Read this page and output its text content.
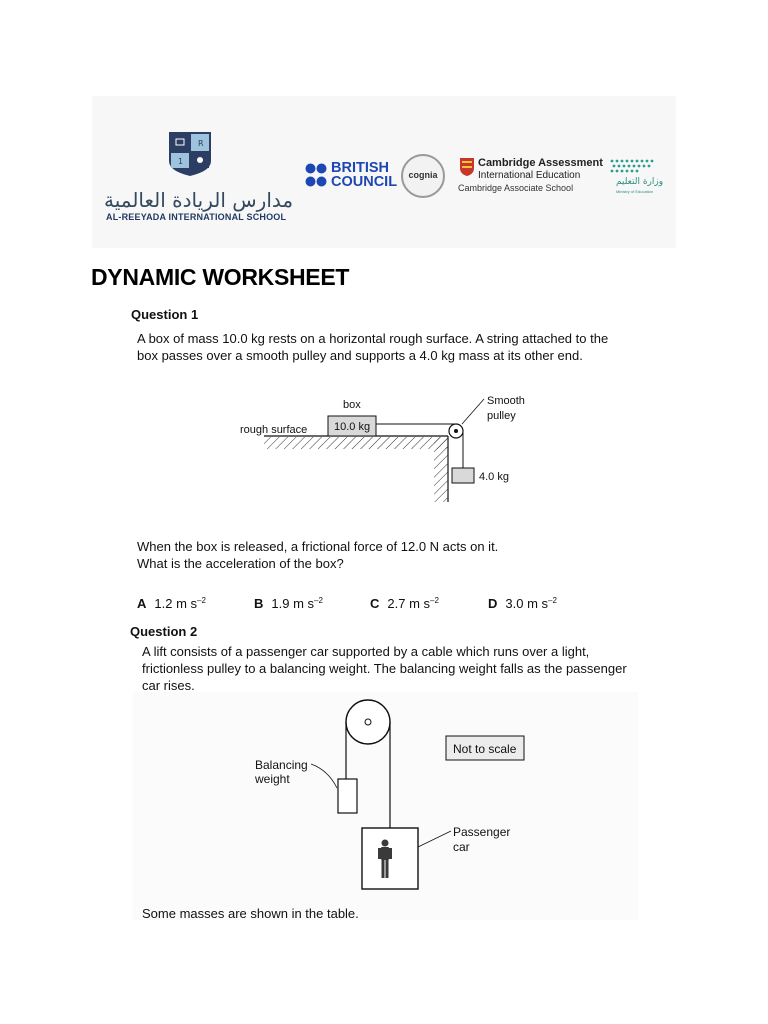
R
1
مدارس الريادة العالمية
AL-REEYADA INTERNATIONAL SCHOOL
BRITISH
COUNCIL	cognia
Cambridge Assessment
International Education
Cambridge Associate School
وزارة التعليم
Ministry of Education
DYNAMIC WORKSHEET
Question 1
A box of mass 10.0 kg rests on a horizontal rough surface. A string attached to the
box passes over a smooth pulley and supports a 4.0 kg mass at its other end.
10.0 kg
box
rough surface
Smooth
pulley
4.0 kg
When the box is released, a frictional force of 12.0 N acts on it.
What is the acceleration of the box?
A 1.2 m $s^{-2}$	B 1.9 m $s^{-2}$	C 2.7 m $s^{-2}$	D 3.0 m $s^{-2}$
Question 2
A lift consists of a passenger car supported by a cable which runs over a light,
frictionless pulley to a balancing weight. The balancing weight falls as the passenger
car rises.
Balancing
weight
Passenger
car
Not to scale
Some masses are shown in the table.
